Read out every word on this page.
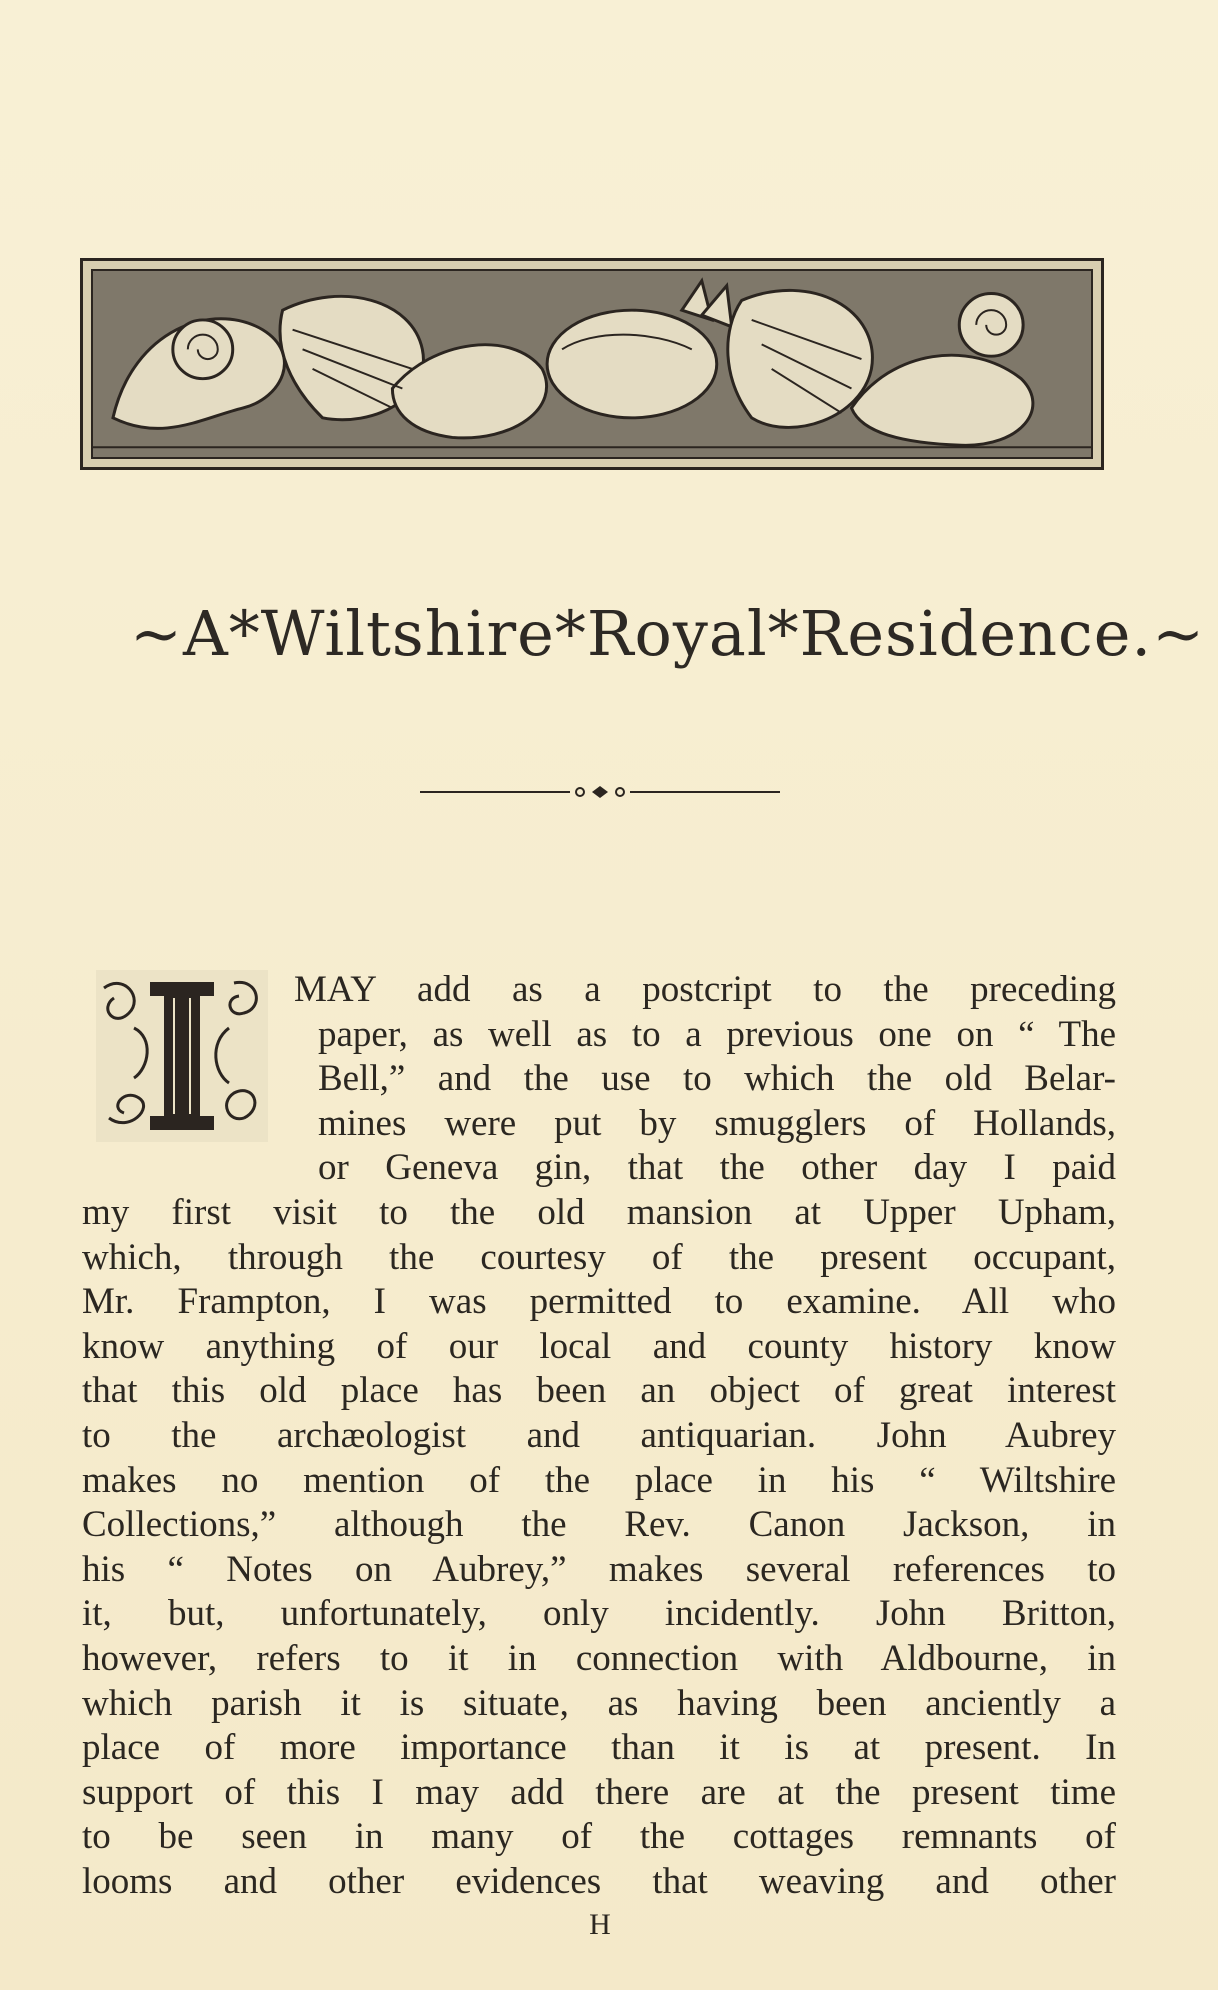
~A*Wiltshire*Royal*Residence.~
MAY add as a postcript to the preceding
paper, as well as to a previous one on “ The
Bell,” and the use to which the old Belar-
mines were put by smugglers of Hollands,
or Geneva gin, that the other day I paid
my first visit to the old mansion at Upper Upham,
which, through the courtesy of the present occupant,
Mr. Frampton, I was permitted to examine. All who
know anything of our local and county history know
that this old place has been an object of great interest
to the archæologist and antiquarian. John Aubrey
makes no mention of the place in his “ Wiltshire
Collections,” although the Rev. Canon Jackson, in
his “ Notes on Aubrey,” makes several references to
it, but, unfortunately, only incidently. John Britton,
however, refers to it in connection with Aldbourne, in
which parish it is situate, as having been anciently a
place of more importance than it is at present. In
support of this I may add there are at the present time
to be seen in many of the cottages remnants of
looms and other evidences that weaving and other
H
